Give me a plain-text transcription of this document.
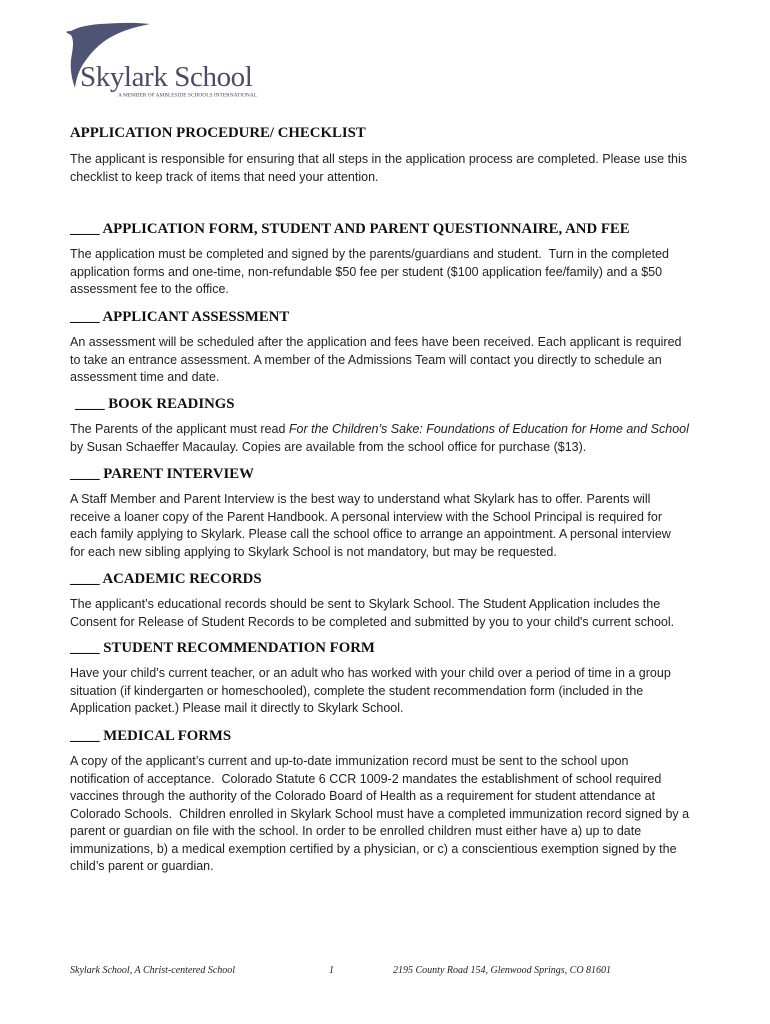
Skylark School
A MEMBER OF AMBLESIDE SCHOOLS INTERNATIONAL
APPLICATION PROCEDURE/ CHECKLIST
The applicant is responsible for ensuring that all steps in the application process are completed. Please use this
checklist to keep track of items that need your attention.
____ APPLICATION FORM, STUDENT AND PARENT QUESTIONNAIRE, AND FEE
The application must be completed and signed by the parents/guardians and student.  Turn in the completed
application forms and one-time, non-refundable $50 fee per student ($100 application fee/family) and a $50
assessment fee to the office.
____ APPLICANT ASSESSMENT
An assessment will be scheduled after the application and fees have been received. Each applicant is required
to take an entrance assessment. A member of the Admissions Team will contact you directly to schedule an
assessment time and date.
____ BOOK READINGS
The Parents of the applicant must read For the Children’s Sake: Foundations of Education for Home and School
by Susan Schaeffer Macaulay. Copies are available from the school office for purchase ($13).
____ PARENT INTERVIEW
A Staff Member and Parent Interview is the best way to understand what Skylark has to offer. Parents will
receive a loaner copy of the Parent Handbook. A personal interview with the School Principal is required for
each family applying to Skylark. Please call the school office to arrange an appointment. A personal interview
for each new sibling applying to Skylark School is not mandatory, but may be requested.
____ ACADEMIC RECORDS
The applicant’s educational records should be sent to Skylark School. The Student Application includes the
Consent for Release of Student Records to be completed and submitted by you to your child's current school.
____ STUDENT RECOMMENDATION FORM
Have your child’s current teacher, or an adult who has worked with your child over a period of time in a group
situation (if kindergarten or homeschooled), complete the student recommendation form (included in the
Application packet.) Please mail it directly to Skylark School.
____ MEDICAL FORMS
A copy of the applicant’s current and up-to-date immunization record must be sent to the school upon
notification of acceptance.  Colorado Statute 6 CCR 1009-2 mandates the establishment of school required
vaccines through the authority of the Colorado Board of Health as a requirement for student attendance at
Colorado Schools.  Children enrolled in Skylark School must have a completed immunization record signed by a
parent or guardian on file with the school. In order to be enrolled children must either have a) up to date
immunizations, b) a medical exemption certified by a physician, or c) a conscientious exemption signed by the
child’s parent or guardian.
Skylark School, A Christ-centered School	1	2195 County Road 154, Glenwood Springs, CO 81601
